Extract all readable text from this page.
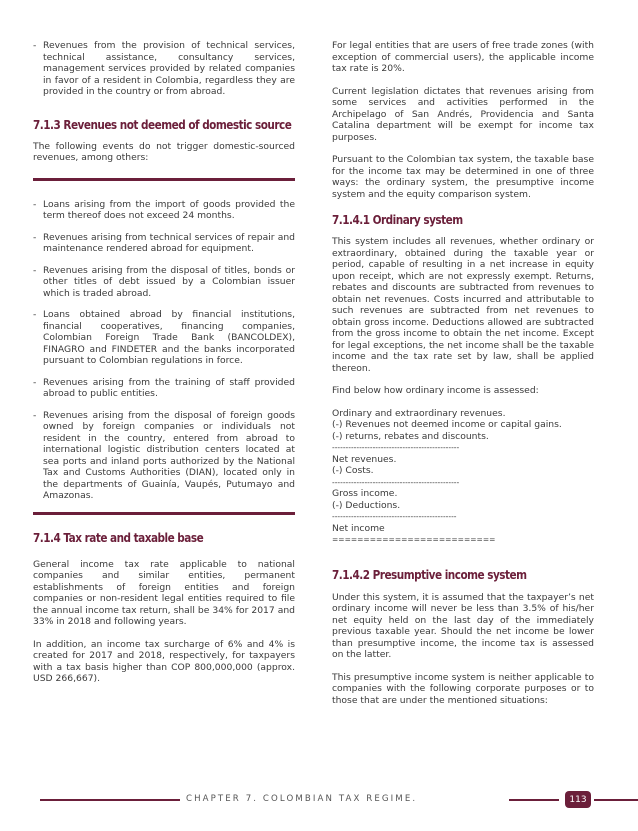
- Revenues from the provision of technical services, technical assistance, consultancy services, management services provided by related companies in favor of a resident in Colombia, regardless they are provided in the country or from abroad.
7.1.3 Revenues not deemed of domestic source

The following events do not trigger domestic-sourced revenues, among others:

- Loans arising from the import of goods provided the term thereof does not exceed 24 months.
- Revenues arising from technical services of repair and maintenance rendered abroad for equipment.
- Revenues arising from the disposal of titles, bonds or other titles of debt issued by a Colombian issuer which is traded abroad.
- Loans obtained abroad by financial institutions, financial cooperatives, financing companies, Colombian Foreign Trade Bank (BANCOLDEX), FINAGRO and FINDETER and the banks incorporated pursuant to Colombian regulations in force.
- Revenues arising from the training of staff provided abroad to public entities.
- Revenues arising from the disposal of foreign goods owned by foreign companies or individuals not resident in the country, entered from abroad to international logistic distribution centers located at sea ports and inland ports authorized by the National Tax and Customs Authorities (DIAN), located only in the departments of Guainía, Vaupés, Putumayo and Amazonas.
7.1.4 Tax rate and taxable base

General income tax rate applicable to national companies and similar entities, permanent establishments of foreign entities and foreign companies or non-resident legal entities required to file the annual income tax return, shall be 34% for 2017 and 33% in 2018 and following years.

In addition, an income tax surcharge of 6% and 4% is created for 2017 and 2018, respectively, for taxpayers with a tax basis higher than COP 800,000,000 (approx. USD 266,667).

For legal entities that are users of free trade zones (with exception of commercial users), the applicable income tax rate is 20%.

Current legislation dictates that revenues arising from some services and activities performed in the Archipelago of San Andrés, Providencia and Santa Catalina department will be exempt for income tax purposes.

Pursuant to the Colombian tax system, the taxable base for the income tax may be determined in one of three ways: the ordinary system, the presumptive income system and the equity comparison system.

7.1.4.1 Ordinary system

This system includes all revenues, whether ordinary or extraordinary, obtained during the taxable year or period, capable of resulting in a net increase in equity upon receipt, which are not expressly exempt. Returns, rebates and discounts are subtracted from revenues to obtain net revenues. Costs incurred and attributable to such revenues are subtracted from net revenues to obtain gross income. Deductions allowed are subtracted from the gross income to obtain the net income. Except for legal exceptions, the net income shall be the taxable income and the tax rate set by law, shall be applied thereon.

Find below how ordinary income is assessed:

Ordinary and extraordinary revenues.

(-) Revenues not deemed income or capital gains.

(-) returns, rebates and discounts.

-----------------------------------------------

Net revenues.

(-) Costs.

-----------------------------------------------

Gross income.

(-) Deductions.

----------------------------------------------

Net income

==========================

7.1.4.2 Presumptive income system

Under this system, it is assumed that the taxpayer’s net ordinary income will never be less than 3.5% of his/her net equity held on the last day of the immediately previous taxable year. Should the net income be lower than presumptive income, the income tax is assessed on the latter.

This presumptive income system is neither applicable to companies with the following corporate purposes or to those that are under the mentioned situations:

CHAPTER 7. COLOMBIAN TAX REGIME.	113
